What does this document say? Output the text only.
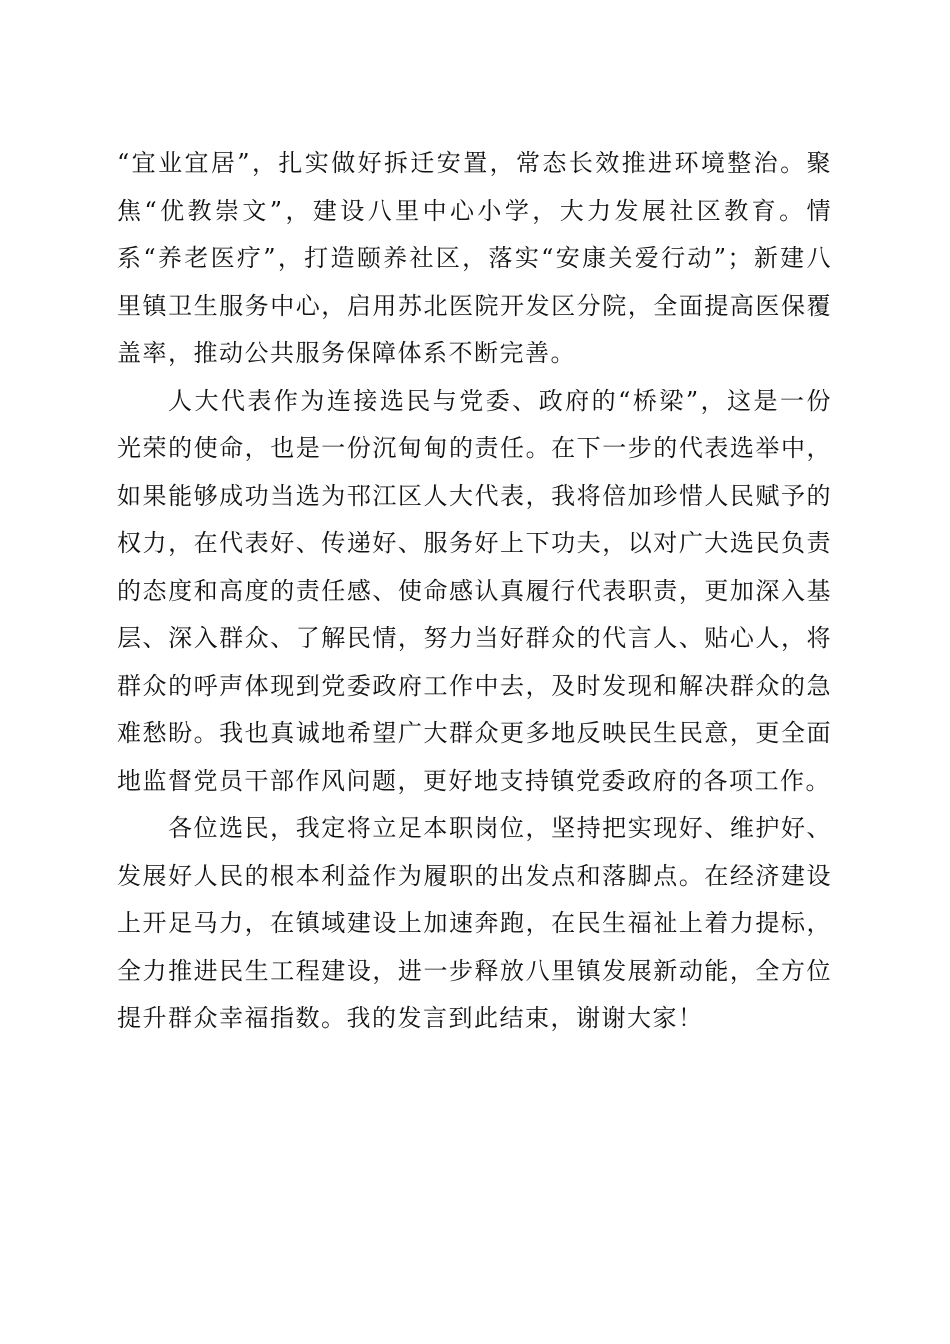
“宜业宜居”，扎实做好拆迁安置，常态长效推进环境整治。聚焦“优教崇文”，建设八里中心小学，大力发展社区教育。情系“养老医疗”，打造颐养社区，落实“安康关爱行动”；新建八里镇卫生服务中心，启用苏北医院开发区分院，全面提高医保覆盖率，推动公共服务保障体系不断完善。

人大代表作为连接选民与党委、政府的“桥梁”，这是一份光荣的使命，也是一份沉甸甸的责任。在下一步的代表选举中，如果能够成功当选为邗江区人大代表，我将倍加珍惜人民赋予的权力，在代表好、传递好、服务好上下功夫，以对广大选民负责的态度和高度的责任感、使命感认真履行代表职责，更加深入基层、深入群众、了解民情，努力当好群众的代言人、贴心人，将群众的呼声体现到党委政府工作中去，及时发现和解决群众的急难愁盼。我也真诚地希望广大群众更多地反映民生民意，更全面地监督党员干部作风问题，更好地支持镇党委政府的各项工作。

各位选民，我定将立足本职岗位，坚持把实现好、维护好、发展好人民的根本利益作为履职的出发点和落脚点。在经济建设上开足马力，在镇域建设上加速奔跑，在民生福祉上着力提标，全力推进民生工程建设，进一步释放八里镇发展新动能，全方位提升群众幸福指数。我的发言到此结束，谢谢大家！
